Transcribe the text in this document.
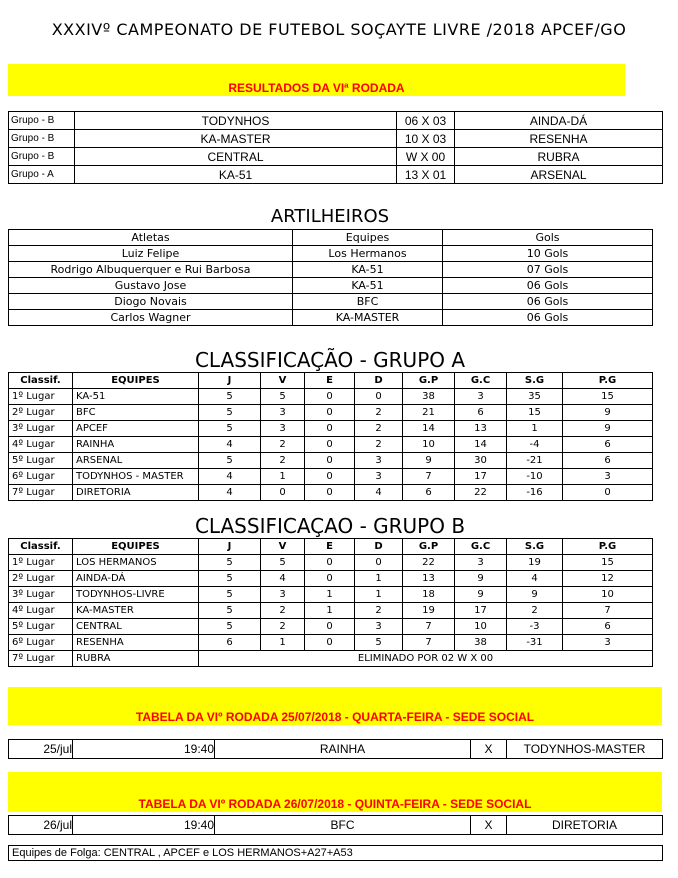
XXXIVº CAMPEONATO DE FUTEBOL SOÇAYTE LIVRE /2018 APCEF/GO
RESULTADOS DA VIª RODADA
Grupo - B	TODYNHOS	06 X 03	AINDA-DÁ
Grupo - B	KA-MASTER	10 X 03	RESENHA
Grupo - B	CENTRAL	W X 00	RUBRA
Grupo - A	KA-51	13 X 01	ARSENAL
ARTILHEIROS
Atletas	Equipes	Gols
Luiz Felipe	Los Hermanos	10 Gols
Rodrigo Albuquerquer e Rui Barbosa	KA-51	07 Gols
Gustavo Jose	KA-51	06 Gols
Diogo Novais	BFC	06 Gols
Carlos Wagner	KA-MASTER	06 Gols
CLASSIFICAÇÃO - GRUPO A
Classif.	EQUIPES	J	V	E	D	G.P	G.C	S.G	P.G
1º Lugar	KA-51	5	5	0	0	38	3	35	15
2º Lugar	BFC	5	3	0	2	21	6	15	9
3º Lugar	APCEF	5	3	0	2	14	13	1	9
4º Lugar	RAINHA	4	2	0	2	10	14	-4	6
5º Lugar	ARSENAL	5	2	0	3	9	30	-21	6
6º Lugar	TODYNHOS - MASTER	4	1	0	3	7	17	-10	3
7º Lugar	DIRETORIA	4	0	0	4	6	22	-16	0
CLASSIFICAÇAO - GRUPO B
Classif.	EQUIPES	J	V	E	D	G.P	G.C	S.G	P.G
1º Lugar	LOS HERMANOS	5	5	0	0	22	3	19	15
2º Lugar	AINDA-DÁ	5	4	0	1	13	9	4	12
3º Lugar	TODYNHOS-LIVRE	5	3	1	1	18	9	9	10
4º Lugar	KA-MASTER	5	2	1	2	19	17	2	7
5º Lugar	CENTRAL	5	2	0	3	7	10	-3	6
6º Lugar	RESENHA	6	1	0	5	7	38	-31	3
7º Lugar	RUBRA	ELIMINADO POR 02 W X 00							
TABELA DA VIº RODADA 25/07/2018 - QUARTA-FEIRA - SEDE SOCIAL
25/jul	19:40	RAINHA	X	TODYNHOS-MASTER
TABELA DA VIº RODADA 26/07/2018 - QUINTA-FEIRA - SEDE SOCIAL
26/jul	19:40	BFC	X	DIRETORIA
Equipes de Folga: CENTRAL , APCEF e LOS HERMANOS+A27+A53
